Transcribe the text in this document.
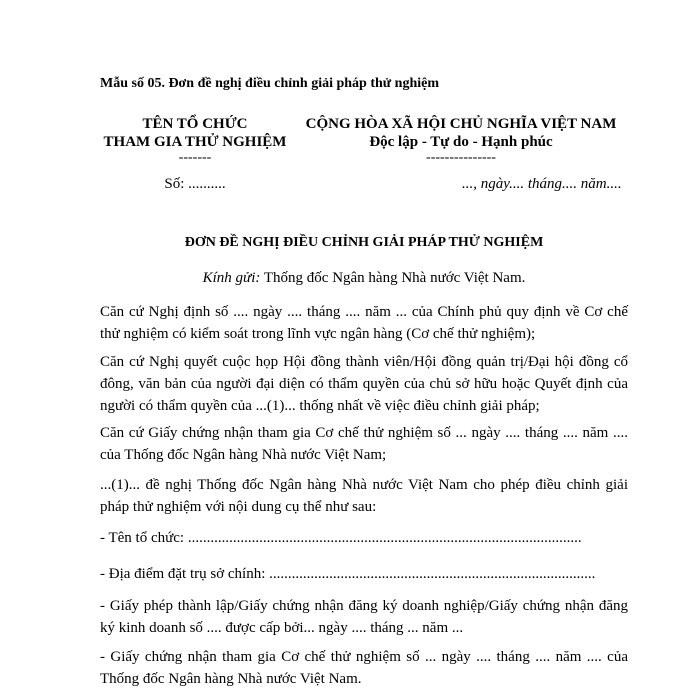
Mẫu số 05. Đơn đề nghị điều chỉnh giải pháp thử nghiệm
TÊN TỔ CHỨC
THAM GIA THỬ NGHIỆM
-------
CỘNG HÒA XÃ HỘI CHỦ NGHĨA VIỆT NAM
Độc lập - Tự do - Hạnh phúc
---------------
Số: ..........	..., ngày.... tháng.... năm....
ĐƠN ĐỀ NGHỊ ĐIỀU CHỈNH GIẢI PHÁP THỬ NGHIỆM
Kính gửi: Thống đốc Ngân hàng Nhà nước Việt Nam.
Căn cứ Nghị định số .... ngày .... tháng .... năm ... của Chính phủ quy định về Cơ chế thử nghiệm có kiểm soát trong lĩnh vực ngân hàng (Cơ chế thử nghiệm);
Căn cứ Nghị quyết cuộc họp Hội đồng thành viên/Hội đồng quản trị/Đại hội đồng cổ đông, văn bản của người đại diện có thẩm quyền của chủ sở hữu hoặc Quyết định của người có thẩm quyền của ...(1)... thống nhất về việc điều chỉnh giải pháp;
Căn cứ Giấy chứng nhận tham gia Cơ chế thử nghiệm số ... ngày .... tháng .... năm .... của Thống đốc Ngân hàng Nhà nước Việt Nam;
...(1)... đề nghị Thống đốc Ngân hàng Nhà nước Việt Nam cho phép điều chỉnh giải pháp thử nghiệm với nội dung cụ thể như sau:
- Tên tổ chức: .........................................................................................................
- Địa điểm đặt trụ sở chính: .......................................................................................
- Giấy phép thành lập/Giấy chứng nhận đăng ký doanh nghiệp/Giấy chứng nhận đăng ký kinh doanh số .... được cấp bởi... ngày .... tháng ... năm ...
- Giấy chứng nhận tham gia Cơ chế thử nghiệm số ... ngày .... tháng .... năm .... của Thống đốc Ngân hàng Nhà nước Việt Nam.
